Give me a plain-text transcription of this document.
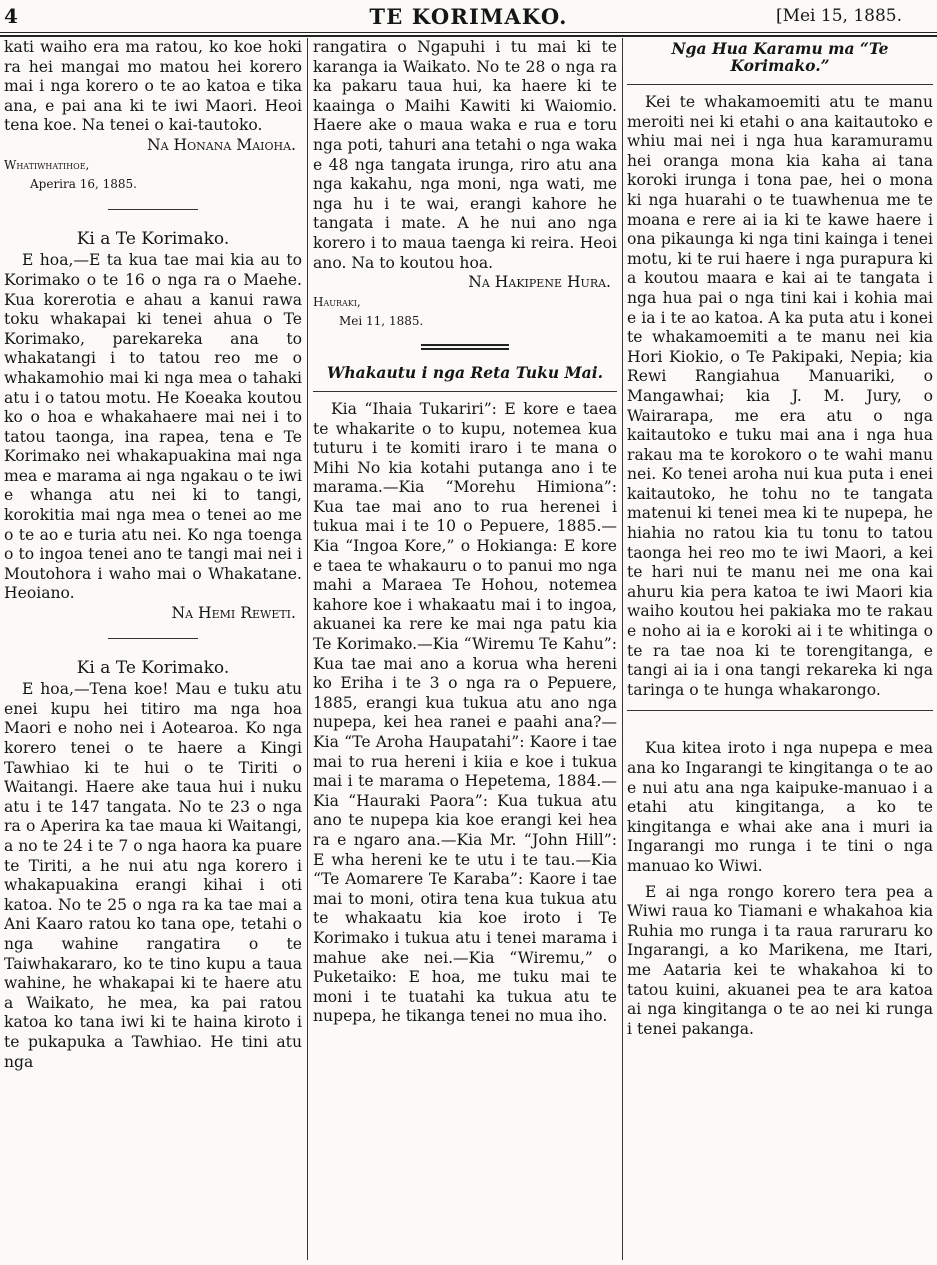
4	TE KORIMAKO.	[Mei 15, 1885.

kati waiho era ma ratou, ko koe hoki ra hei mangai mo matou hei korero mai i nga korero o te ao katoa e tika ana, e pai ana ki te iwi Maori. Heoi tena koe. Na tenei o kai-tautoko.

Na Honana Maioha.

Whatiwhatihoe,
Aperira 16, 1885.
Ki a Te Korimako.

E hoa,—E ta kua tae mai kia au to Korimako o te 16 o nga ra o Maehe. Kua korerotia e ahau a kanui rawa toku whakapai ki tenei ahua o Te Korimako, parekareka ana to whakatangi i to tatou reo me o whakamohio mai ki nga mea o tahaki atu i o tatou motu. He Koeaka koutou ko o hoa e whakahaere mai nei i to tatou taonga, ina rapea, tena e Te Korimako nei whakapuakina mai nga mea e marama ai nga ngakau o te iwi e whanga atu nei ki to tangi, korokitia mai nga mea o tenei ao me o te ao e turia atu nei. Ko nga toenga o to ingoa tenei ano te tangi mai nei i Moutohora i waho mai o Whakatane. Heoiano.

Na Hemi Reweti.

Ki a Te Korimako.

E hoa,—Tena koe! Mau e tuku atu enei kupu hei titiro ma nga hoa Maori e noho nei i Aotearoa. Ko nga korero tenei o te haere a Kingi Tawhiao ki te hui o te Tiriti o Waitangi. Haere ake taua hui i nuku atu i te 147 tangata. No te 23 o nga ra o Aperira ka tae maua ki Waitangi, a no te 24 i te 7 o nga haora ka puare te Tiriti, a he nui atu nga korero i whakapuakina erangi kihai i oti katoa. No te 25 o nga ra ka tae mai a Ani Kaaro ratou ko tana ope, tetahi o nga wahine rangatira o te Taiwhakararo, ko te tino kupu a taua wahine, he whakapai ki te haere atu a Waikato, he mea, ka pai ratou katoa ko tana iwi ki te haina kiroto i te pukapuka a Tawhiao. He tini atu nga

rangatira o Ngapuhi i tu mai ki te karanga ia Waikato. No te 28 o nga ra ka pakaru taua hui, ka haere ki te kaainga o Maihi Kawiti ki Waiomio. Haere ake o maua waka e rua e toru nga poti, tahuri ana tetahi o nga waka e 48 nga tangata irunga, riro atu ana nga kakahu, nga moni, nga wati, me nga hu i te wai, erangi kahore he tangata i mate. A he nui ano nga korero i to maua taenga ki reira. Heoi ano. Na to koutou hoa.

Na Hakipene Hura.

Hauraki,
Mei 11, 1885.
Whakautu i nga Reta Tuku Mai.

Kia “Ihaia Tukariri”: E kore e taea te whakarite o to kupu, notemea kua tuturu i te komiti iraro i te mana o Mihi No kia kotahi putanga ano i te marama.—Kia “Morehu Himiona”: Kua tae mai ano to rua herenei i tukua mai i te 10 o Pepuere, 1885.—Kia “Ingoa Kore,” o Hokianga: E kore e taea te whakauru o to panui mo nga mahi a Maraea Te Hohou, notemea kahore koe i whakaatu mai i to ingoa, akuanei ka rere ke mai nga patu kia Te Korimako.—Kia “Wiremu Te Kahu”: Kua tae mai ano a korua wha hereni ko Eriha i te 3 o nga ra o Pepuere, 1885, erangi kua tukua atu ano nga nupepa, kei hea ranei e paahi ana?—Kia “Te Aroha Haupatahi”: Kaore i tae mai to rua hereni i kiia e koe i tukua mai i te marama o Hepetema, 1884.—Kia “Hauraki Paora”: Kua tukua atu ano te nupepa kia koe erangi kei hea ra e ngaro ana.—Kia Mr. “John Hill”: E wha hereni ke te utu i te tau.—Kia “Te Aomarere Te Karaba”: Kaore i tae mai to moni, otira tena kua tukua atu te whakaatu kia koe iroto i Te Korimako i tukua atu i tenei marama i mahue ake nei.—Kia “Wiremu,” o Puketaiko: E hoa, me tuku mai te moni i te tuatahi ka tukua atu te nupepa, he tikanga tenei no mua iho.

Nga Hua Karamu ma “Te Korimako.”

Kei te whakamoemiti atu te manu meroiti nei ki etahi o ana kaitautoko e whiu mai nei i nga hua karamuramu hei oranga mona kia kaha ai tana koroki irunga i tona pae, hei o mona ki nga huarahi o te tuawhenua me te moana e rere ai ia ki te kawe haere i ona pikaunga ki nga tini kainga i tenei motu, ki te rui haere i nga purapura ki a koutou maara e kai ai te tangata i nga hua pai o nga tini kai i kohia mai e ia i te ao katoa. A ka puta atu i konei te whakamoemiti a te manu nei kia Hori Kiokio, o Te Pakipaki, Nepia; kia Rewi Rangiahua Manuariki, o Mangawhai; kia J. M. Jury, o Wairarapa, me era atu o nga kaitautoko e tuku mai ana i nga hua rakau ma te korokoro o te wahi manu nei. Ko tenei aroha nui kua puta i enei kaitautoko, he tohu no te tangata matenui ki tenei mea ki te nupepa, he hiahia no ratou kia tu tonu to tatou taonga hei reo mo te iwi Maori, a kei te hari nui te manu nei me ona kai ahuru kia pera katoa te iwi Maori kia waiho koutou hei pakiaka mo te rakau e noho ai ia e koroki ai i te whitinga o te ra tae noa ki te torengitanga, e tangi ai ia i ona tangi rekareka ki nga taringa o te hunga whakarongo.

Kua kitea iroto i nga nupepa e mea ana ko Ingarangi te kingitanga o te ao e nui atu ana nga kaipuke-manuao i a etahi atu kingitanga, a ko te kingitanga e whai ake ana i muri ia Ingarangi mo runga i te tini o nga manuao ko Wiwi.

E ai nga rongo korero tera pea a Wiwi raua ko Tiamani e whakahoa kia Ruhia mo runga i ta raua raruraru ko Ingarangi, a ko Marikena, me Itari, me Aataria kei te whakahoa ki to tatou kuini, akuanei pea te ara katoa ai nga kingitanga o te ao nei ki runga i tenei pakanga.
